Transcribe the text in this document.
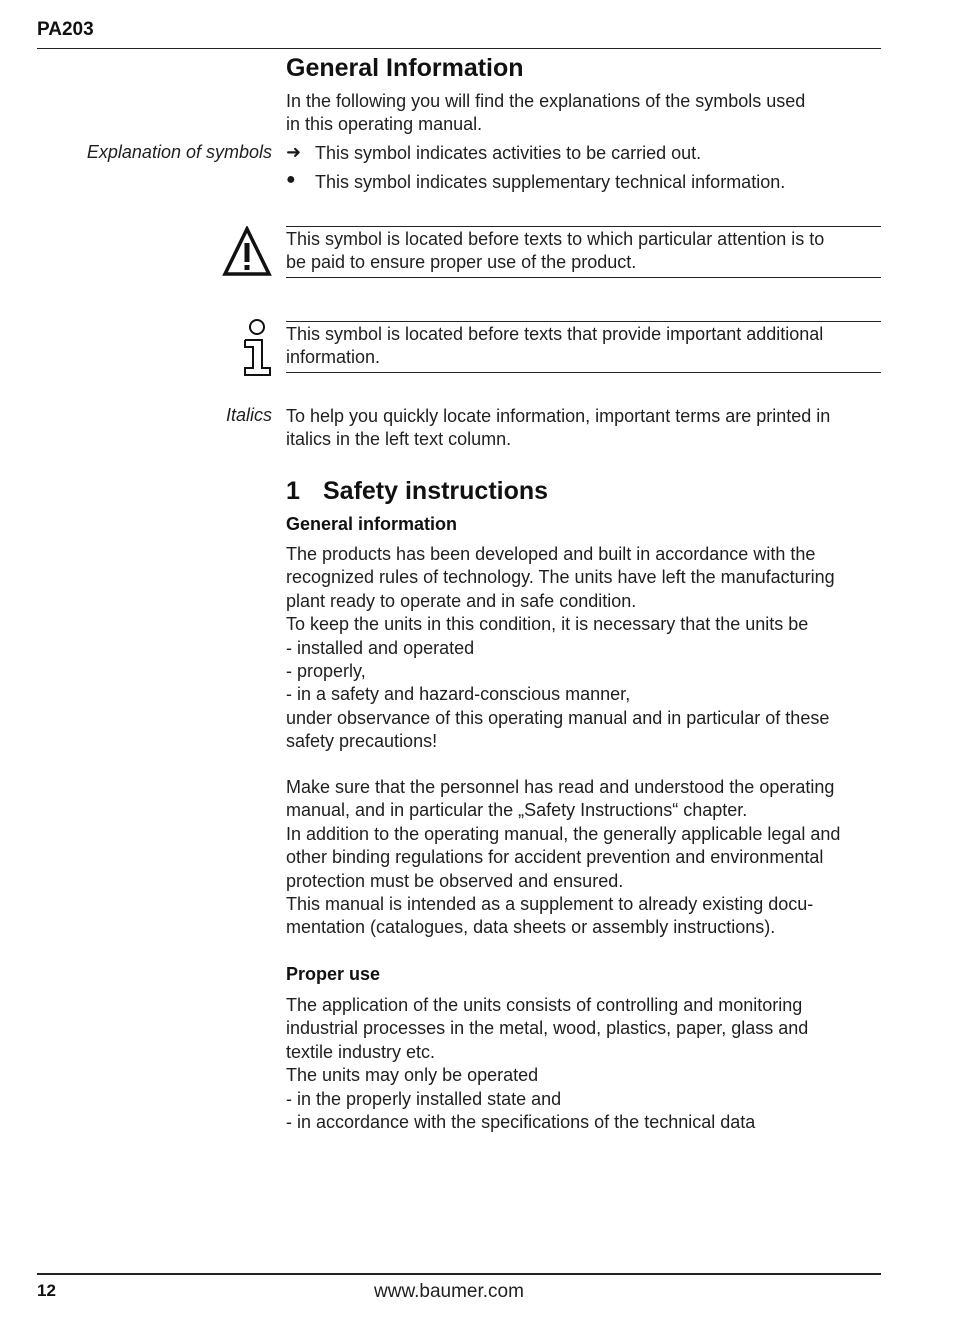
PA203
General Information
In the following you will find the explanations of the symbols used
in this operating manual.
Explanation of symbols ➜ This symbol indicates activities to be carried out.
● This symbol indicates supplementary technical information.
This symbol is located before texts to which particular attention is to
be paid to ensure proper use of the product.
This symbol is located before texts that provide important additional
information.
Italics To help you quickly locate information, important terms are printed in
italics in the left text column.
1 Safety instructions
General information
The products has been developed and built in accordance with the
recognized rules of technology. The units have left the manufacturing
plant ready to operate and in safe condition.
To keep the units in this condition, it is necessary that the units be
- installed and operated
- properly,
- in a safety and hazard-conscious manner,
under observance of this operating manual and in particular of these
safety precautions!
Make sure that the personnel has read and understood the operating
manual, and in particular the „Safety Instructions“ chapter.
In addition to the operating manual, the generally applicable legal and
other binding regulations for accident prevention and environmental
protection must be observed and ensured.
This manual is intended as a supplement to already existing docu-
mentation (catalogues, data sheets or assembly instructions).
Proper use
The application of the units consists of controlling and monitoring
industrial processes in the metal, wood, plastics, paper, glass and
textile industry etc.
The units may only be operated
- in the properly installed state and
- in accordance with the specifications of the technical data
12	www.baumer.com
